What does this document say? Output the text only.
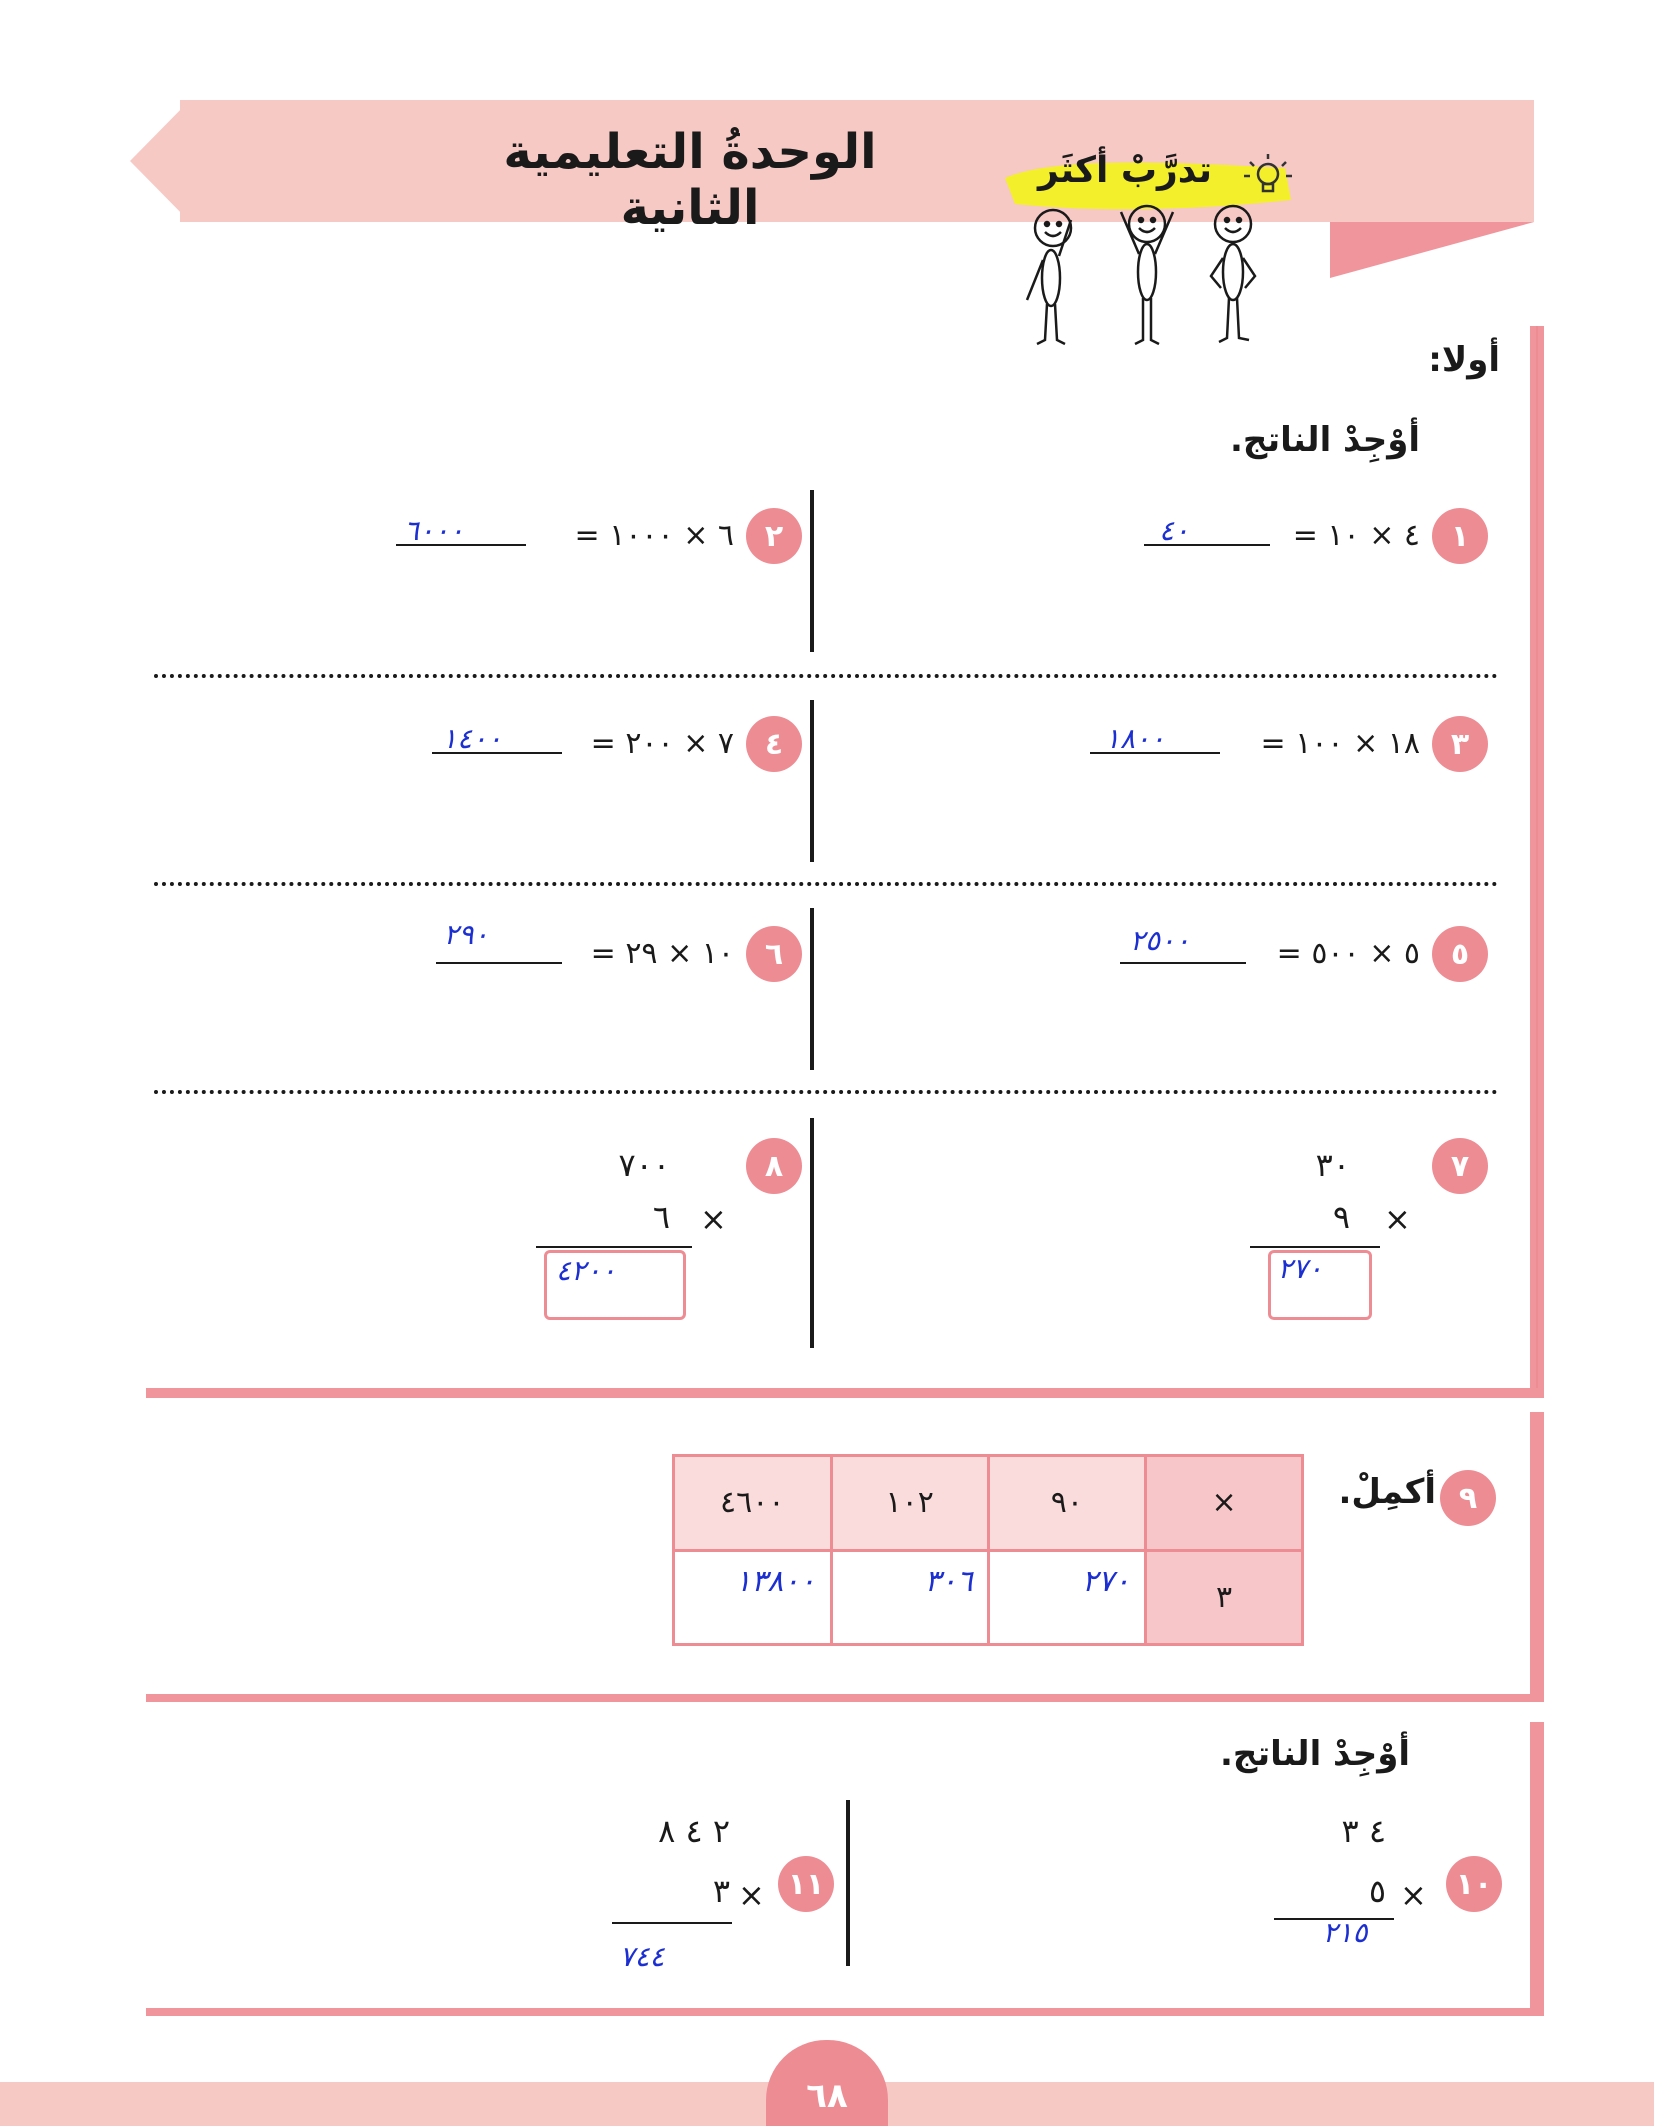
الوحدةُ التعليمية الثانية
تدرَّبْ أكثَر
أولا:
أوْجِدْ الناتج.
١
٤ × ١٠ =
٤٠
٢
٦ × ١٠٠٠ =
٦٠٠٠
٣
١٨ × ١٠٠ =
١٨٠٠
٤
٧ × ٢٠٠ =
١٤٠٠
٥
٥ × ٥٠٠ =
٢٥٠٠
٦
١٠ × ٢٩ =
٢٩٠
٧
٣٠
٩ ×
٢٧٠
٨
٧٠٠
٦ ×
٤٢٠٠
٩
أكمِلْ.
×	٩٠	١٠٢	٤٦٠٠
٣	٢٧٠	٣٠٦	١٣٨٠٠
أوْجِدْ الناتج.
١٠
٤ ٣
٥ ×
٢١٥
١١
٢ ٤ ٨
٣ ×
٧٤٤
٦٨
